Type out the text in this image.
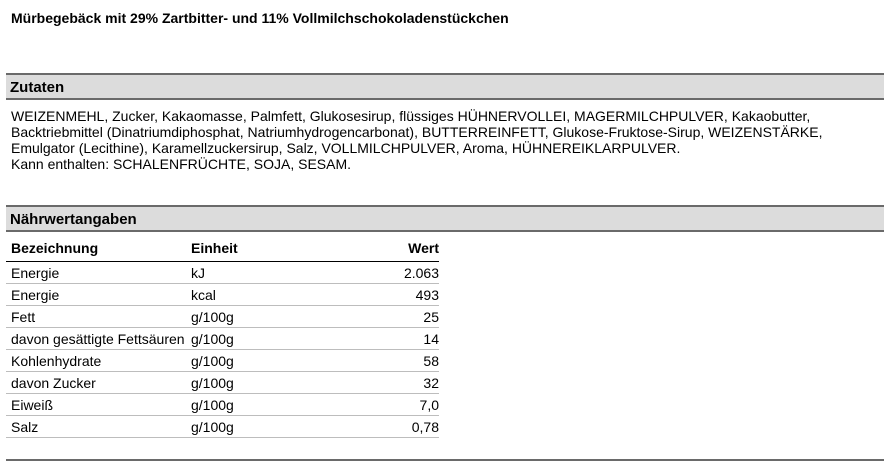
Mürbegebäck mit 29% Zartbitter- und 11% Vollmilchschokoladenstückchen
Zutaten

WEIZENMEHL, Zucker, Kakaomasse, Palmfett, Glukosesirup, flüssiges HÜHNERVOLLEI, MAGERMILCHPULVER, Kakaobutter, Backtriebmittel (Dinatriumdiphosphat, Natriumhydrogencarbonat), BUTTERREINFETT, Glukose-Fruktose-Sirup, WEIZENSTÄRKE, Emulgator (Lecithine), Karamellzuckersirup, Salz, VOLLMILCHPULVER, Aroma, HÜHNEREIKLARPULVER.

Kann enthalten: SCHALENFRÜCHTE, SOJA, SESAM.

Nährwertangaben
Bezeichnung	Einheit	Wert	
Energie	kJ	2.063	
Energie	kcal	493	
Fett	g/100g	25	
davon gesättigte Fettsäuren	g/100g	14	
Kohlenhydrate	g/100g	58	
davon Zucker	g/100g	32	
Eiweiß	g/100g	7,0	
Salz	g/100g	0,78	
